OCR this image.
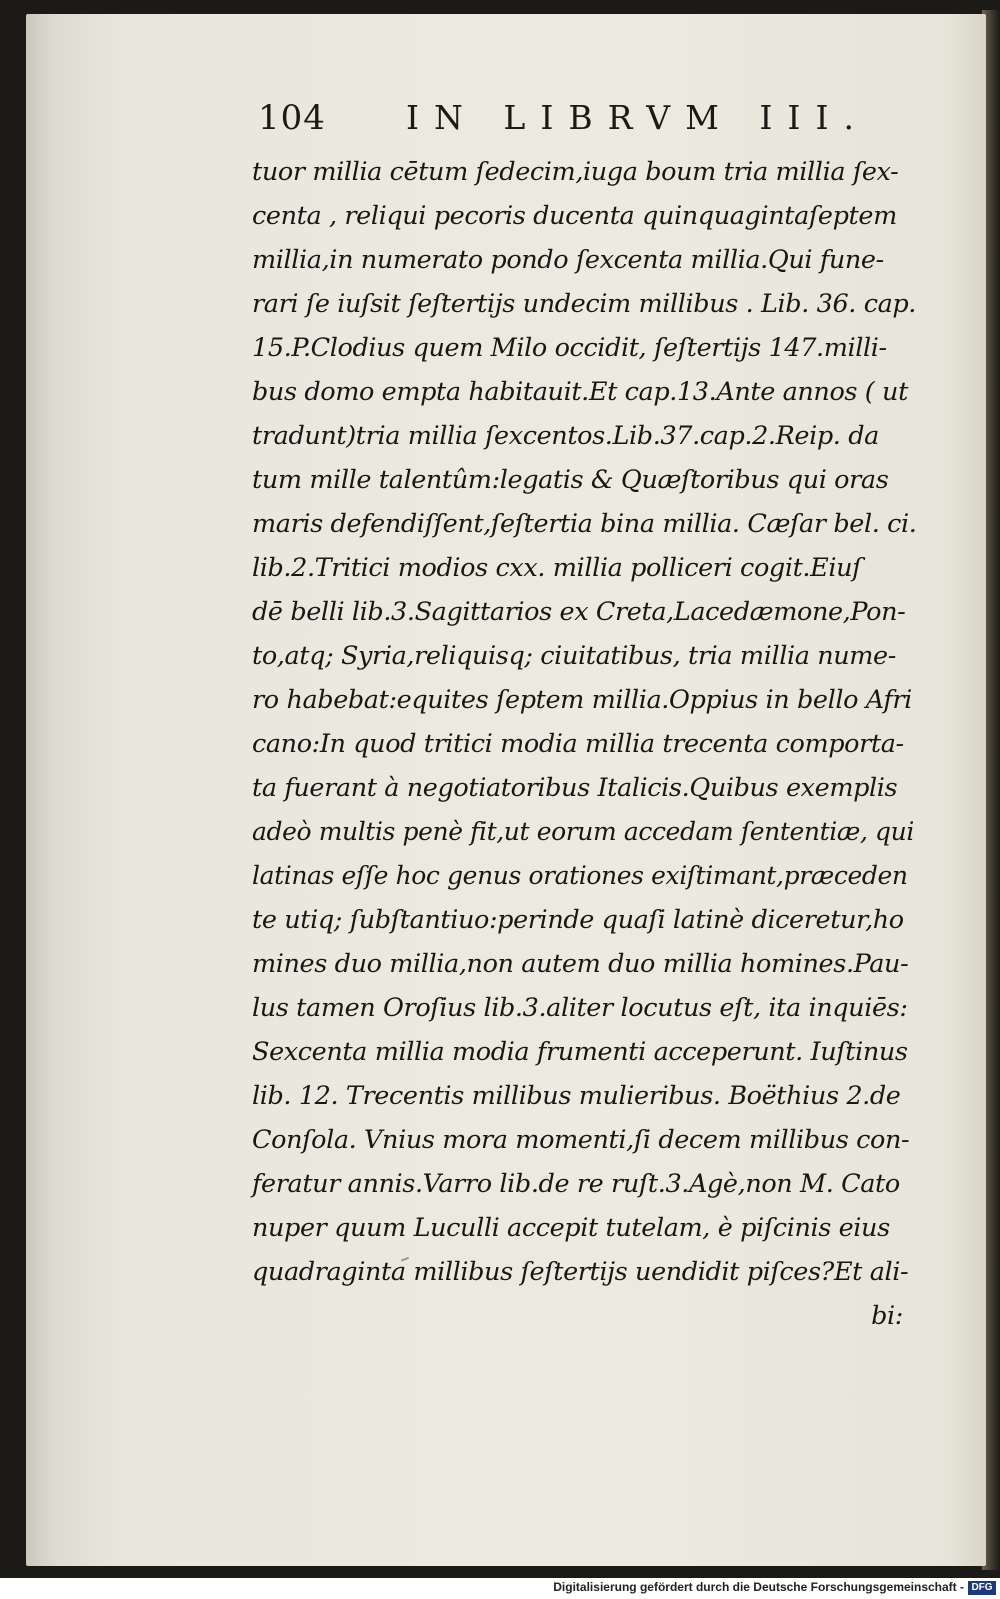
104 IN LIBRVM III.
tuor millia cētum ſedecim,iuga boum tria millia ſex-
centa , reliqui pecoris ducenta quinquagintaſeptem
millia,in numerato pondo ſexcenta millia.Qui fune-
rari ſe iuſsit ſeſtertijs undecim millibus . Lib. 36. cap.
15.P.Clodius quem Milo occidit, ſeſtertijs 147.milli-
bus domo empta habitauit.Et cap.13.Ante annos ( ut
tradunt)tria millia ſexcentos.Lib.37.cap.2.Reip. da
tum mille talentûm:legatis & Quæſtoribus qui oras
maris defendiſſent,ſeſtertia bina millia. Cæſar bel. ci.
lib.2.Tritici modios cxx. millia polliceri cogit.Eiuſ
dē belli lib.3.Sagittarios ex Creta,Lacedæmone,Pon-
to,atq; Syria,reliquisq; ciuitatibus, tria millia nume-
ro habebat:equites ſeptem millia.Oppius in bello Afri
cano:In quod tritici modia millia trecenta comporta-
ta fuerant à negotiatoribus Italicis.Quibus exemplis
adeò multis penè fit,ut eorum accedam ſententiæ, qui
latinas eſſe hoc genus orationes exiſtimant,præceden
te utiq; ſubſtantiuo:perinde quaſi latinè diceretur,ho
mines duo millia,non autem duo millia homines.Pau-
lus tamen Oroſius lib.3.aliter locutus eſt, ita inquiēs:
Sexcenta millia modia frumenti acceperunt. Iuſtinus
lib. 12. Trecentis millibus mulieribus. Boëthius 2.de
Conſola. Vnius mora momenti,ſi decem millibus con-
feratur annis.Varro lib.de re ruſt.3.Agè,non M. Cato
nuper quum Luculli accepit tutelam, è piſcinis eius
quadraginta millibus ſeſtertijs uendidit piſces?Et ali-
bi:
Digitalisierung gefördert durch die Deutsche Forschungsgemeinschaft - DFG
